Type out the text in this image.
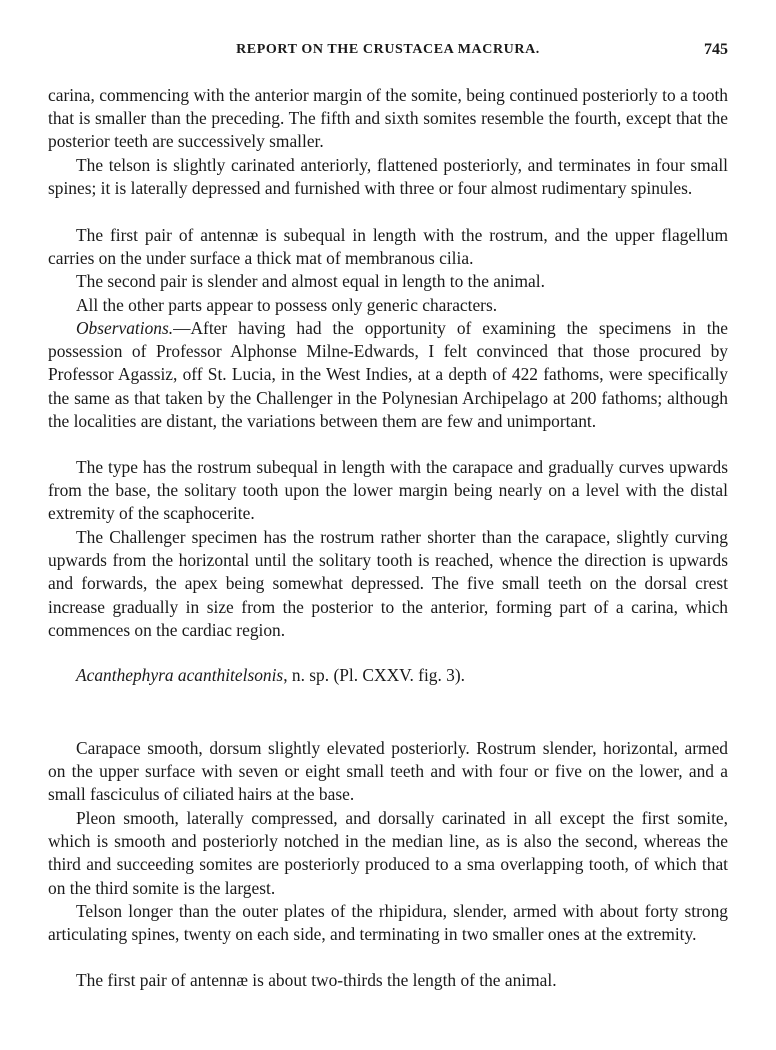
REPORT ON THE CRUSTACEA MACRURA.	745

carina, commencing with the anterior margin of the somite, being continued posteriorly to a tooth that is smaller than the preceding. The fifth and sixth somites resemble the fourth, except that the posterior teeth are successively smaller.

The telson is slightly carinated anteriorly, flattened posteriorly, and terminates in four small spines; it is laterally depressed and furnished with three or four almost rudimentary spinules.

The first pair of antennæ is subequal in length with the rostrum, and the upper flagellum carries on the under surface a thick mat of membranous cilia.

The second pair is slender and almost equal in length to the animal.

All the other parts appear to possess only generic characters.

Observations.—After having had the opportunity of examining the specimens in the possession of Professor Alphonse Milne-Edwards, I felt convinced that those procured by Professor Agassiz, off St. Lucia, in the West Indies, at a depth of 422 fathoms, were specifically the same as that taken by the Challenger in the Polynesian Archipelago at 200 fathoms; although the localities are distant, the variations between them are few and unimportant.

The type has the rostrum subequal in length with the carapace and gradually curves upwards from the base, the solitary tooth upon the lower margin being nearly on a level with the distal extremity of the scaphocerite.

The Challenger specimen has the rostrum rather shorter than the carapace, slightly curving upwards from the horizontal until the solitary tooth is reached, whence the direction is upwards and forwards, the apex being somewhat depressed. The five small teeth on the dorsal crest increase gradually in size from the posterior to the anterior, forming part of a carina, which commences on the cardiac region.

Acanthephyra acanthitelsonis, n. sp. (Pl. CXXV. fig. 3).

Carapace smooth, dorsum slightly elevated posteriorly. Rostrum slender, horizontal, armed on the upper surface with seven or eight small teeth and with four or five on the lower, and a small fasciculus of ciliated hairs at the base.

Pleon smooth, laterally compressed, and dorsally carinated in all except the first somite, which is smooth and posteriorly notched in the median line, as is also the second, whereas the third and succeeding somites are posteriorly produced to a sma overlapping tooth, of which that on the third somite is the largest.

Telson longer than the outer plates of the rhipidura, slender, armed with about forty strong articulating spines, twenty on each side, and terminating in two smaller ones at the extremity.

The first pair of antennæ is about two-thirds the length of the animal.
